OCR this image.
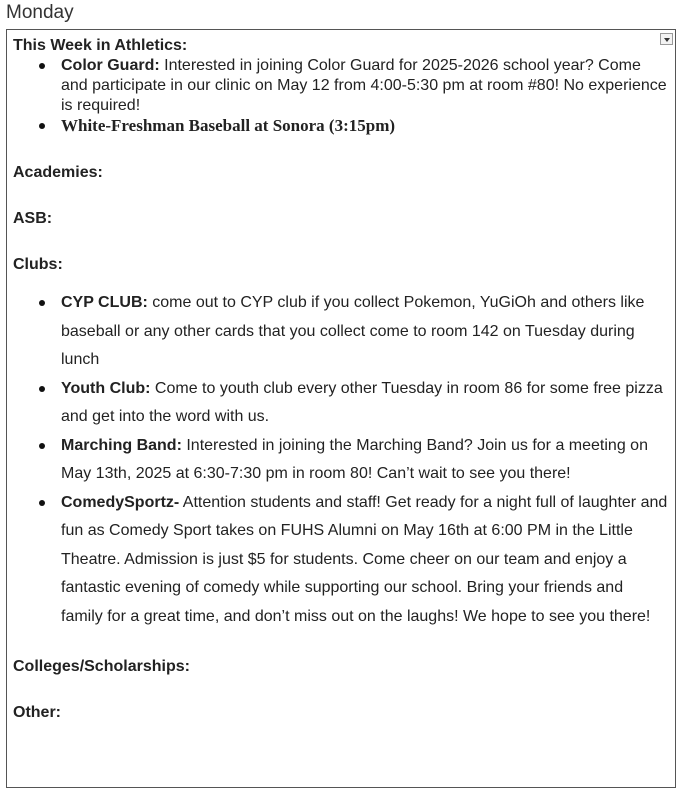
Monday

This Week in Athletics:

Color Guard: Interested in joining Color Guard for 2025-2026 school year? Come and participate in our clinic on May 12 from 4:00-5:30 pm at room #80! No experience is required!
White-Freshman Baseball at Sonora (3:15pm)

Academies:

ASB:

Clubs:

CYP CLUB: come out to CYP club if you collect Pokemon, YuGiOh and others like baseball or any other cards that you collect come to room 142 on Tuesday during lunch
Youth Club: Come to youth club every other Tuesday in room 86 for some free pizza and get into the word with us.
Marching Band: Interested in joining the Marching Band? Join us for a meeting on May 13th, 2025 at 6:30-7:30 pm in room 80! Can’t wait to see you there!
ComedySportz- Attention students and staff! Get ready for a night full of laughter and fun as Comedy Sport takes on FUHS Alumni on May 16th at 6:00 PM in the Little Theatre. Admission is just $5 for students. Come cheer on our team and enjoy a fantastic evening of comedy while supporting our school. Bring your friends and family for a great time, and don’t miss out on the laughs! We hope to see you there!

Colleges/Scholarships:

Other:
